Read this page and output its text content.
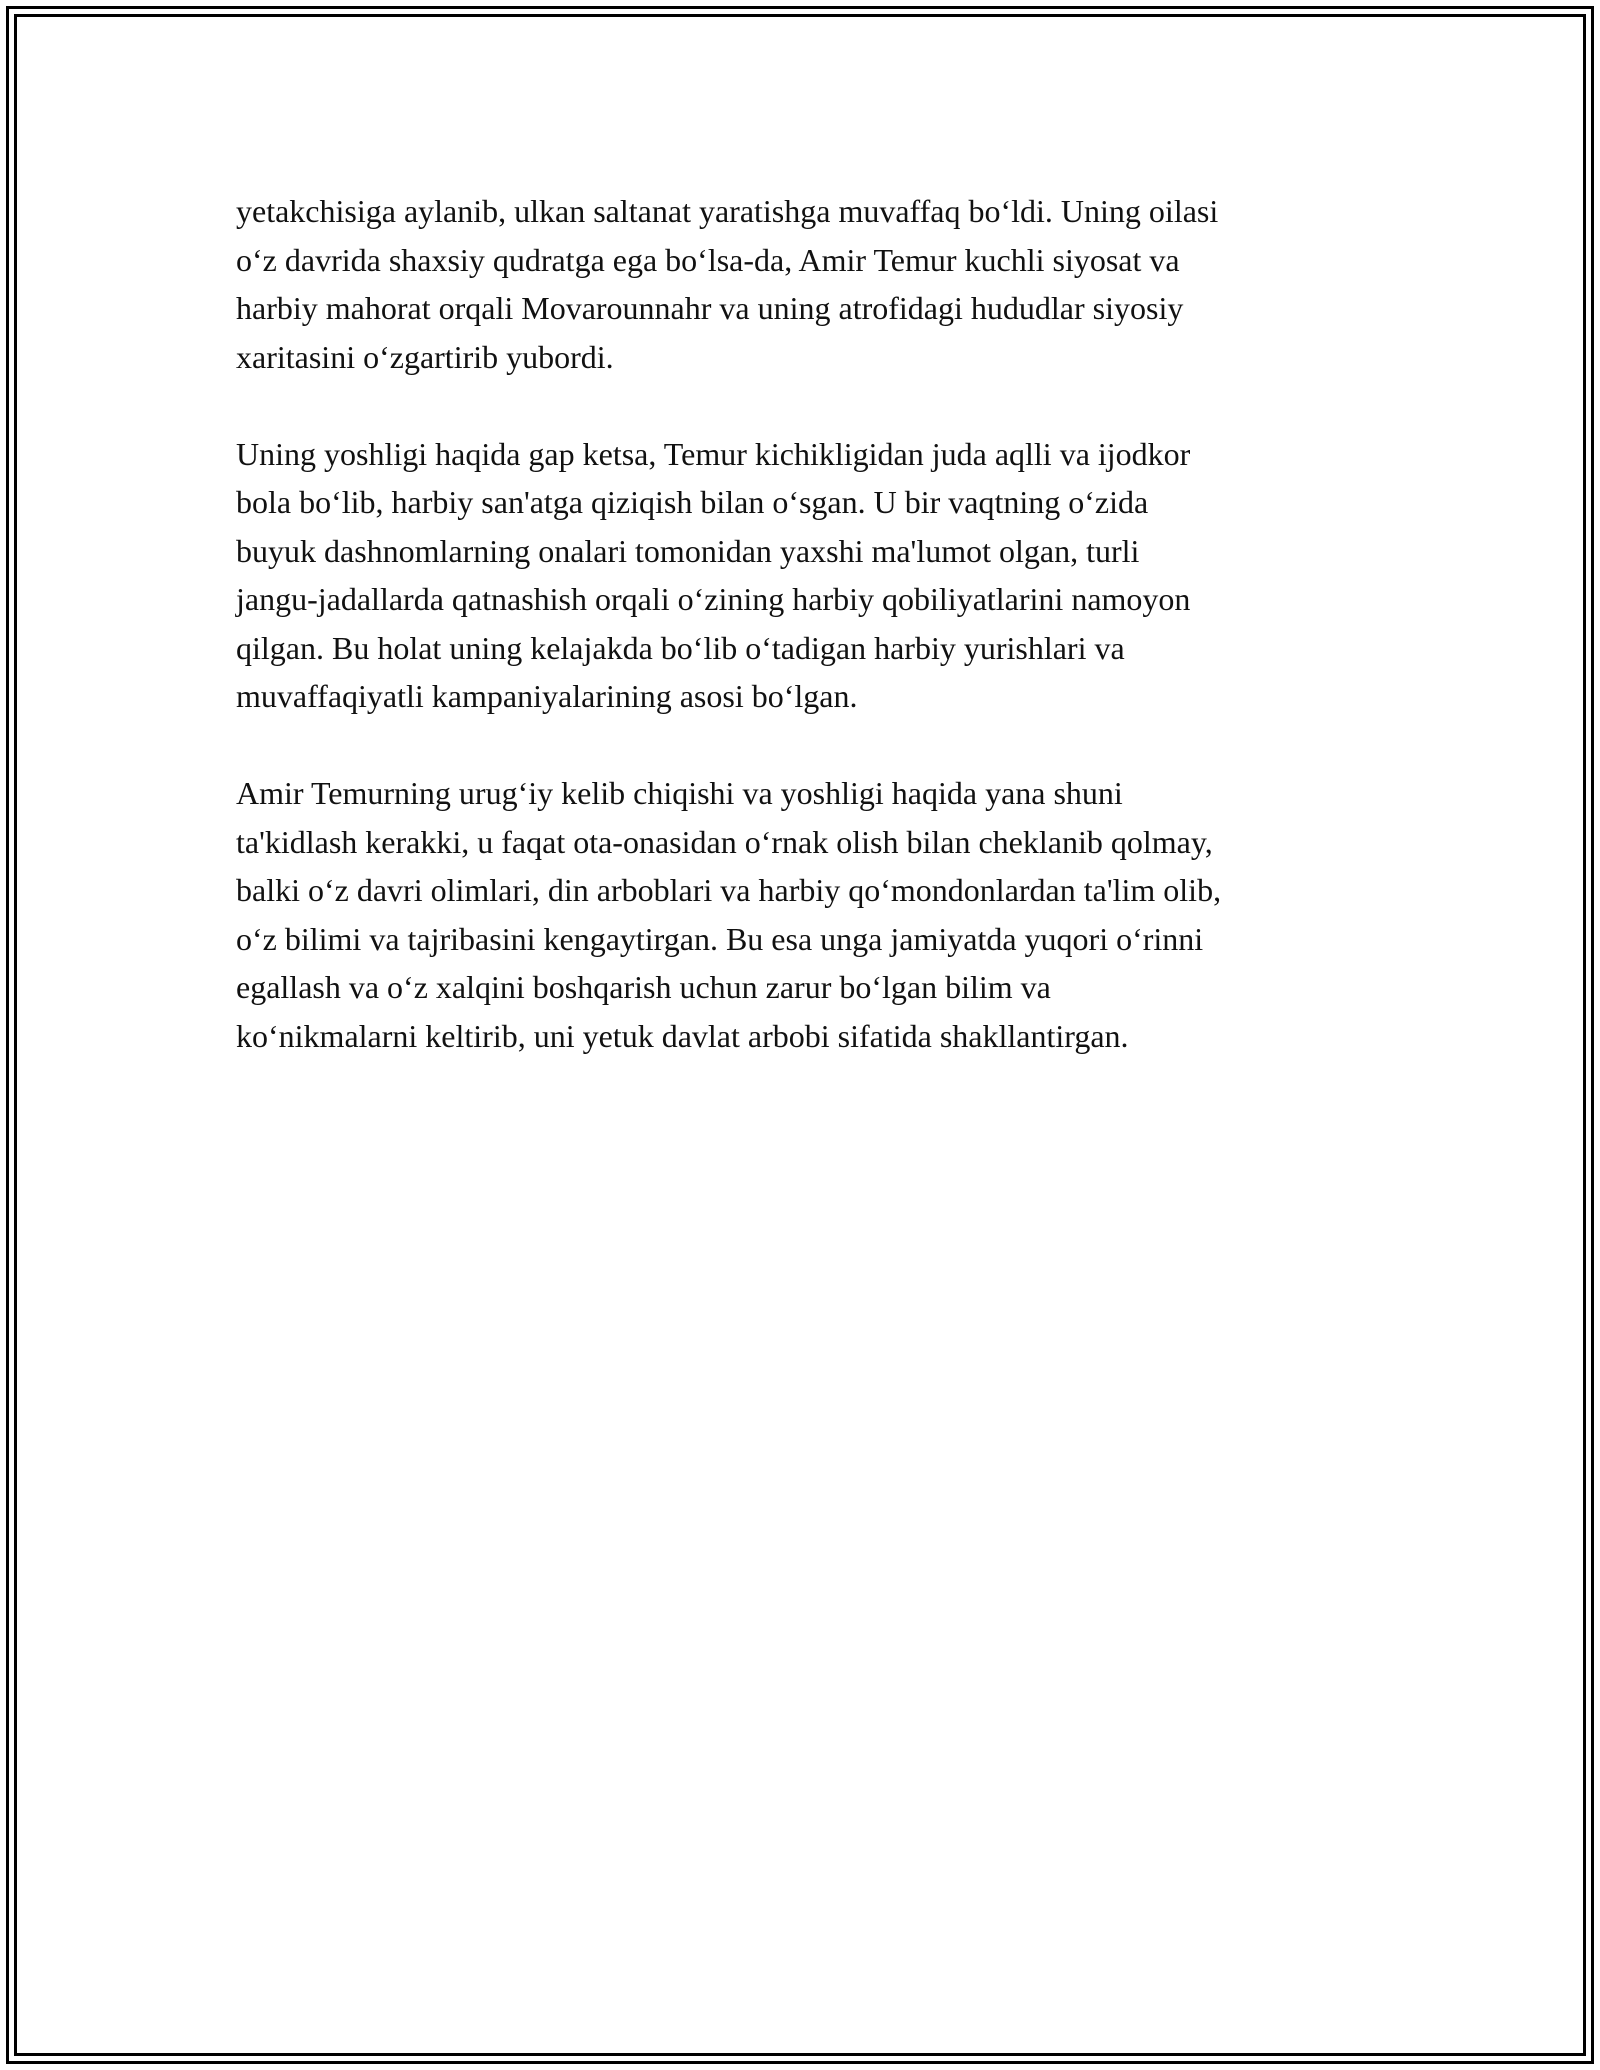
yetakchisiga aylanib, ulkan saltanat yaratishga muvaffaq bo‘ldi. Uning oilasi
o‘z davrida shaxsiy qudratga ega bo‘lsa-da, Amir Temur kuchli siyosat va
harbiy mahorat orqali Movarounnahr va uning atrofidagi hududlar siyosiy
xaritasini o‘zgartirib yubordi.

Uning yoshligi haqida gap ketsa, Temur kichikligidan juda aqlli va ijodkor
bola bo‘lib, harbiy san'atga qiziqish bilan o‘sgan. U bir vaqtning o‘zida
buyuk dashnomlarning onalari tomonidan yaxshi ma'lumot olgan, turli
jangu-jadallarda qatnashish orqali o‘zining harbiy qobiliyatlarini namoyon
qilgan. Bu holat uning kelajakda bo‘lib o‘tadigan harbiy yurishlari va
muvaffaqiyatli kampaniyalarining asosi bo‘lgan.

Amir Temurning urug‘iy kelib chiqishi va yoshligi haqida yana shuni
ta'kidlash kerakki, u faqat ota-onasidan o‘rnak olish bilan cheklanib qolmay,
balki o‘z davri olimlari, din arboblari va harbiy qo‘mondonlardan ta'lim olib,
o‘z bilimi va tajribasini kengaytirgan. Bu esa unga jamiyatda yuqori o‘rinni
egallash va o‘z xalqini boshqarish uchun zarur bo‘lgan bilim va
ko‘nikmalarni keltirib, uni yetuk davlat arbobi sifatida shakllantirgan.
